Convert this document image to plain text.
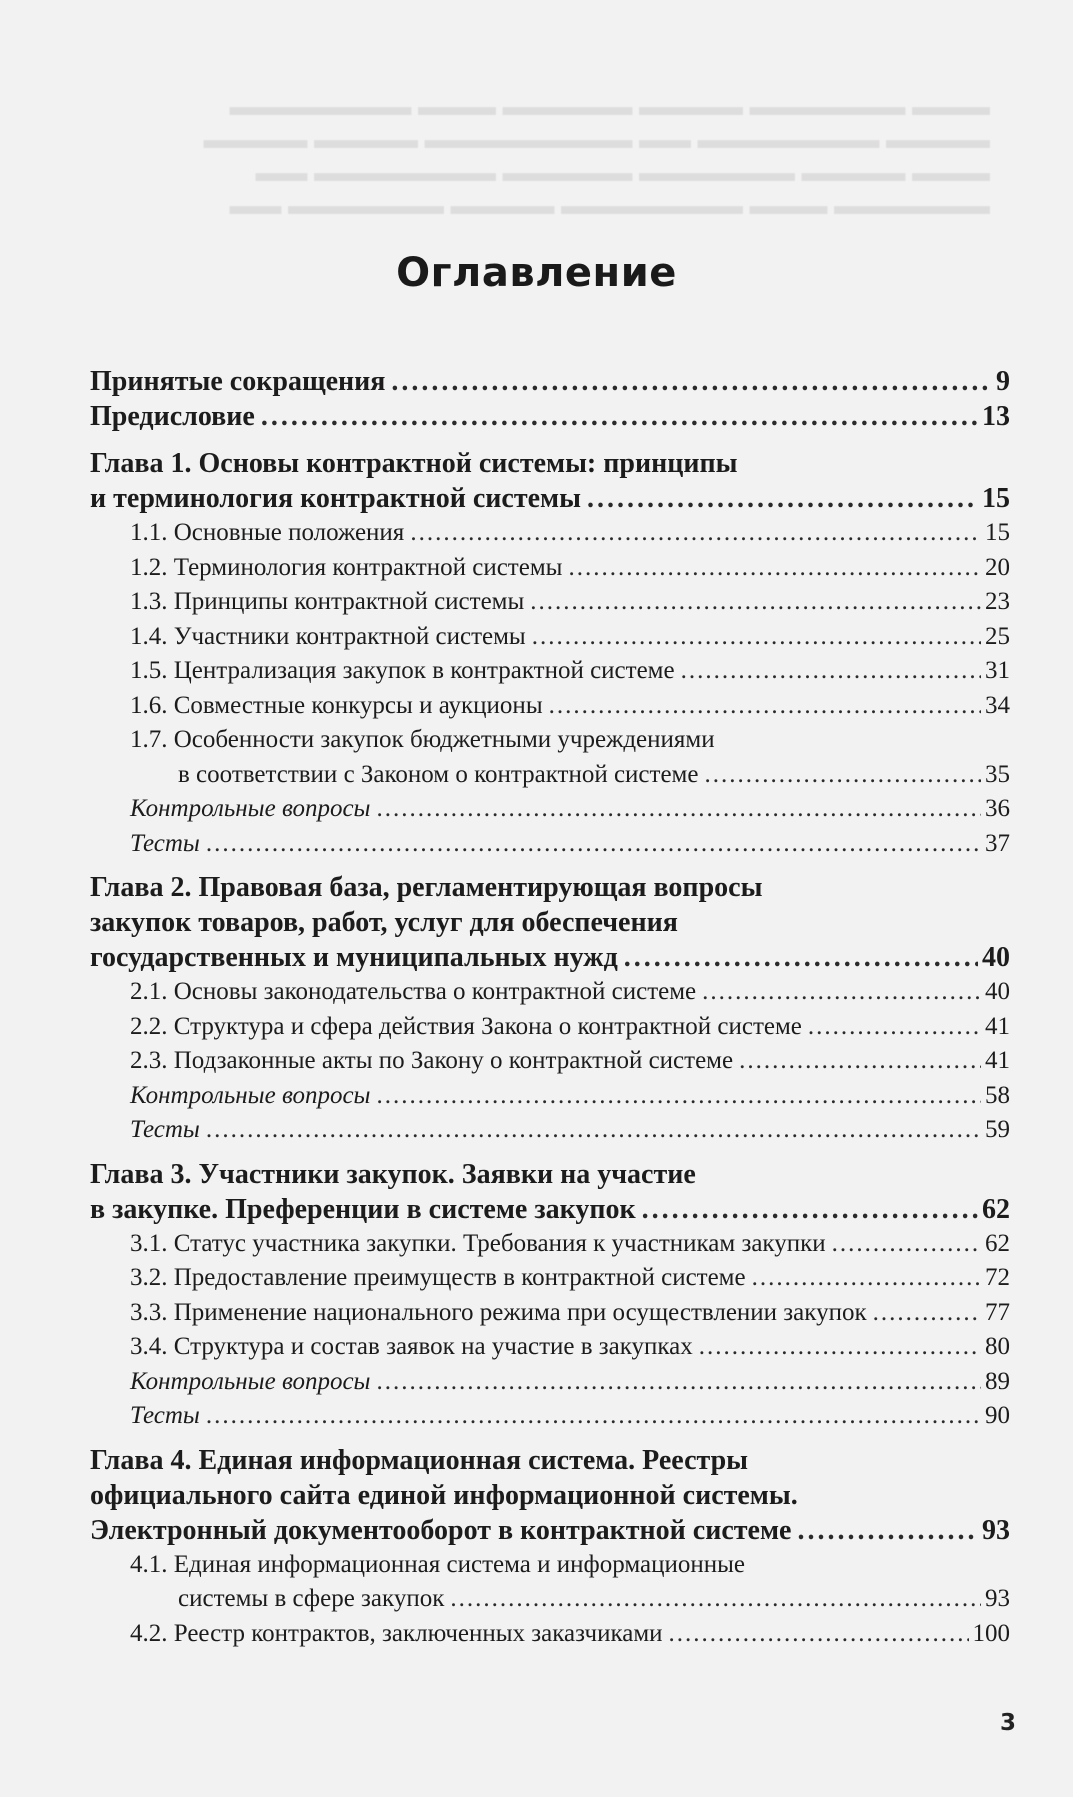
▬▬▬ ▬▬▬▬▬▬ ▬▬▬▬ ▬▬▬▬▬ ▬▬▬ ▬▬▬▬▬▬▬
▬▬▬▬ ▬▬▬▬▬▬▬ ▬▬ ▬▬▬▬▬▬▬▬ ▬▬▬▬ ▬▬▬▬
▬▬▬ ▬▬▬▬ ▬▬▬▬▬▬ ▬▬▬▬▬ ▬▬▬▬▬▬▬ ▬▬
▬▬▬▬▬▬ ▬▬▬ ▬▬▬▬▬▬▬ ▬▬▬▬ ▬▬▬▬▬▬ ▬▬
Оглавление
Принятые сокращения .....	9
Предисловие .....	13
Глава 1. Основы контрактной системы: принципы
и терминология контрактной системы .....	15
1.1. Основные положения .....	15
1.2. Терминология контрактной системы .....	20
1.3. Принципы контрактной системы .....	23
1.4. Участники контрактной системы .....	25
1.5. Централизация закупок в контрактной системе .....	31
1.6. Совместные конкурсы и аукционы .....	34
1.7. Особенности закупок бюджетными учреждениями
в соответствии с Законом о контрактной системе .....	35
Контрольные вопросы .....	36
Тесты .....	37
Глава 2. Правовая база, регламентирующая вопросы
закупок товаров, работ, услуг для обеспечения
государственных и муниципальных нужд .....	40
2.1. Основы законодательства о контрактной системе .....	40
2.2. Структура и сфера действия Закона о контрактной системе .....	41
2.3. Подзаконные акты по Закону о контрактной системе .....	41
Контрольные вопросы .....	58
Тесты .....	59
Глава 3. Участники закупок. Заявки на участие
в закупке. Преференции в системе закупок .....	62
3.1. Статус участника закупки. Требования к участникам закупки .....	62
3.2. Предоставление преимуществ в контрактной системе .....	72
3.3. Применение национального режима при осуществлении закупок .....	77
3.4. Структура и состав заявок на участие в закупках .....	80
Контрольные вопросы .....	89
Тесты .....	90
Глава 4. Единая информационная система. Реестры
официального сайта единой информационной системы.
Электронный документооборот в контрактной системе .....	93
4.1. Единая информационная система и информационные
системы в сфере закупок .....	93
4.2. Реестр контрактов, заключенных заказчиками .....	100
3
